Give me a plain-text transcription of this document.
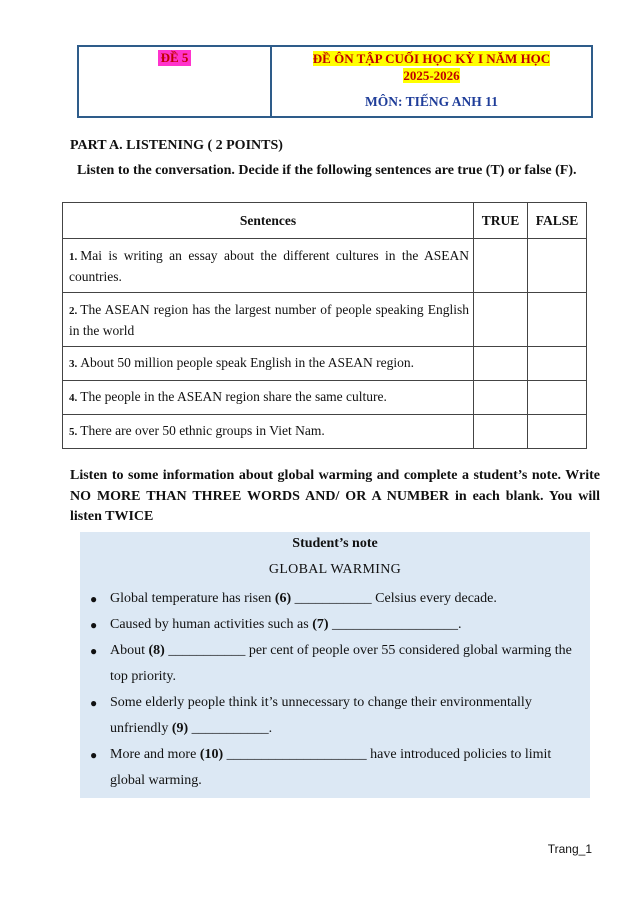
ĐỀ 5	ĐỀ ÔN TẬP CUỐI HỌC KỲ I NĂM HỌC
2025-2026
MÔN: TIẾNG ANH 11
PART A. LISTENING ( 2 POINTS)
Listen to the conversation. Decide if the following sentences are true (T) or false (F).
Sentences	TRUE	FALSE
1. Mai is writing an essay about the different cultures in the ASEAN countries.		
2. The ASEAN region has the largest number of people speaking English in the world		
3. About 50 million people speak English in the ASEAN region.		
4. The people in the ASEAN region share the same culture.		
5. There are over 50 ethnic groups in Viet Nam.		
Listen to some information about global warming and complete a student’s note. Write NO MORE THAN THREE WORDS AND/ OR A NUMBER in each blank. You will listen TWICE
Student’s note
GLOBAL WARMING
● Global temperature has risen (6) ___________ Celsius every decade.
● Caused by human activities such as (7) __________________.
● About (8) ___________ per cent of people over 55 considered global warming the top priority.
● Some elderly people think it’s unnecessary to change their environmentally unfriendly (9) ___________.
● More and more (10) ____________________ have introduced policies to limit global warming.
Trang_1
